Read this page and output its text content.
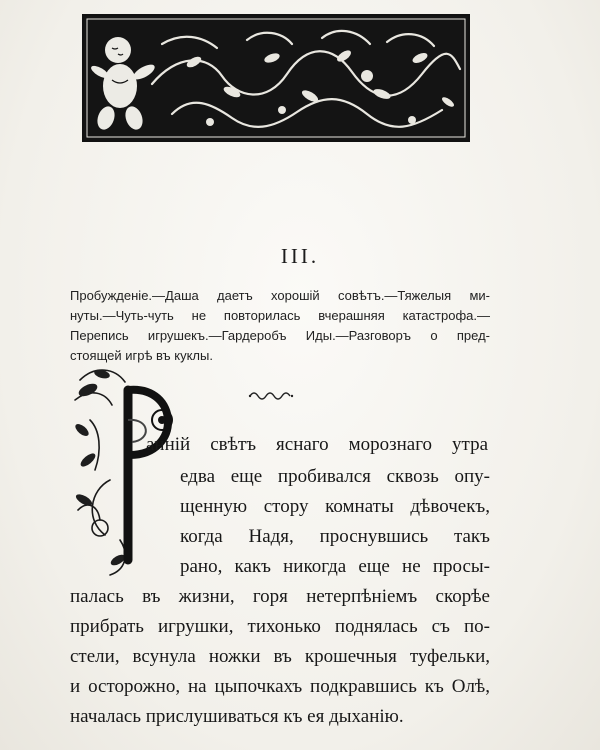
III.
Пробужденіе.—Даша даетъ хорошій совѣтъ.—Тяжелыя ми-
нуты.—Чуть-чуть не повторилась вчерашняя катастрофа.—
Перепись игрушекъ.—Гардеробъ Иды.—Разговоръ о пред-
стоящей игрѣ въ куклы.
анній свѣтъ яснаго морознаго утра
едва еще пробивался сквозь опу-
щенную стору комнаты дѣвочекъ,
когда Надя, проснувшись такъ
рано, какъ никогда еще не просы-
палась въ жизни, горя нетерпѣніемъ скорѣе
прибрать игрушки, тихонько поднялась съ по-
стели, всунула ножки въ крошечныя туфельки,
и осторожно, на цыпочкахъ подкравшись къ Олѣ,
началась прислушиваться къ ея дыханію.
